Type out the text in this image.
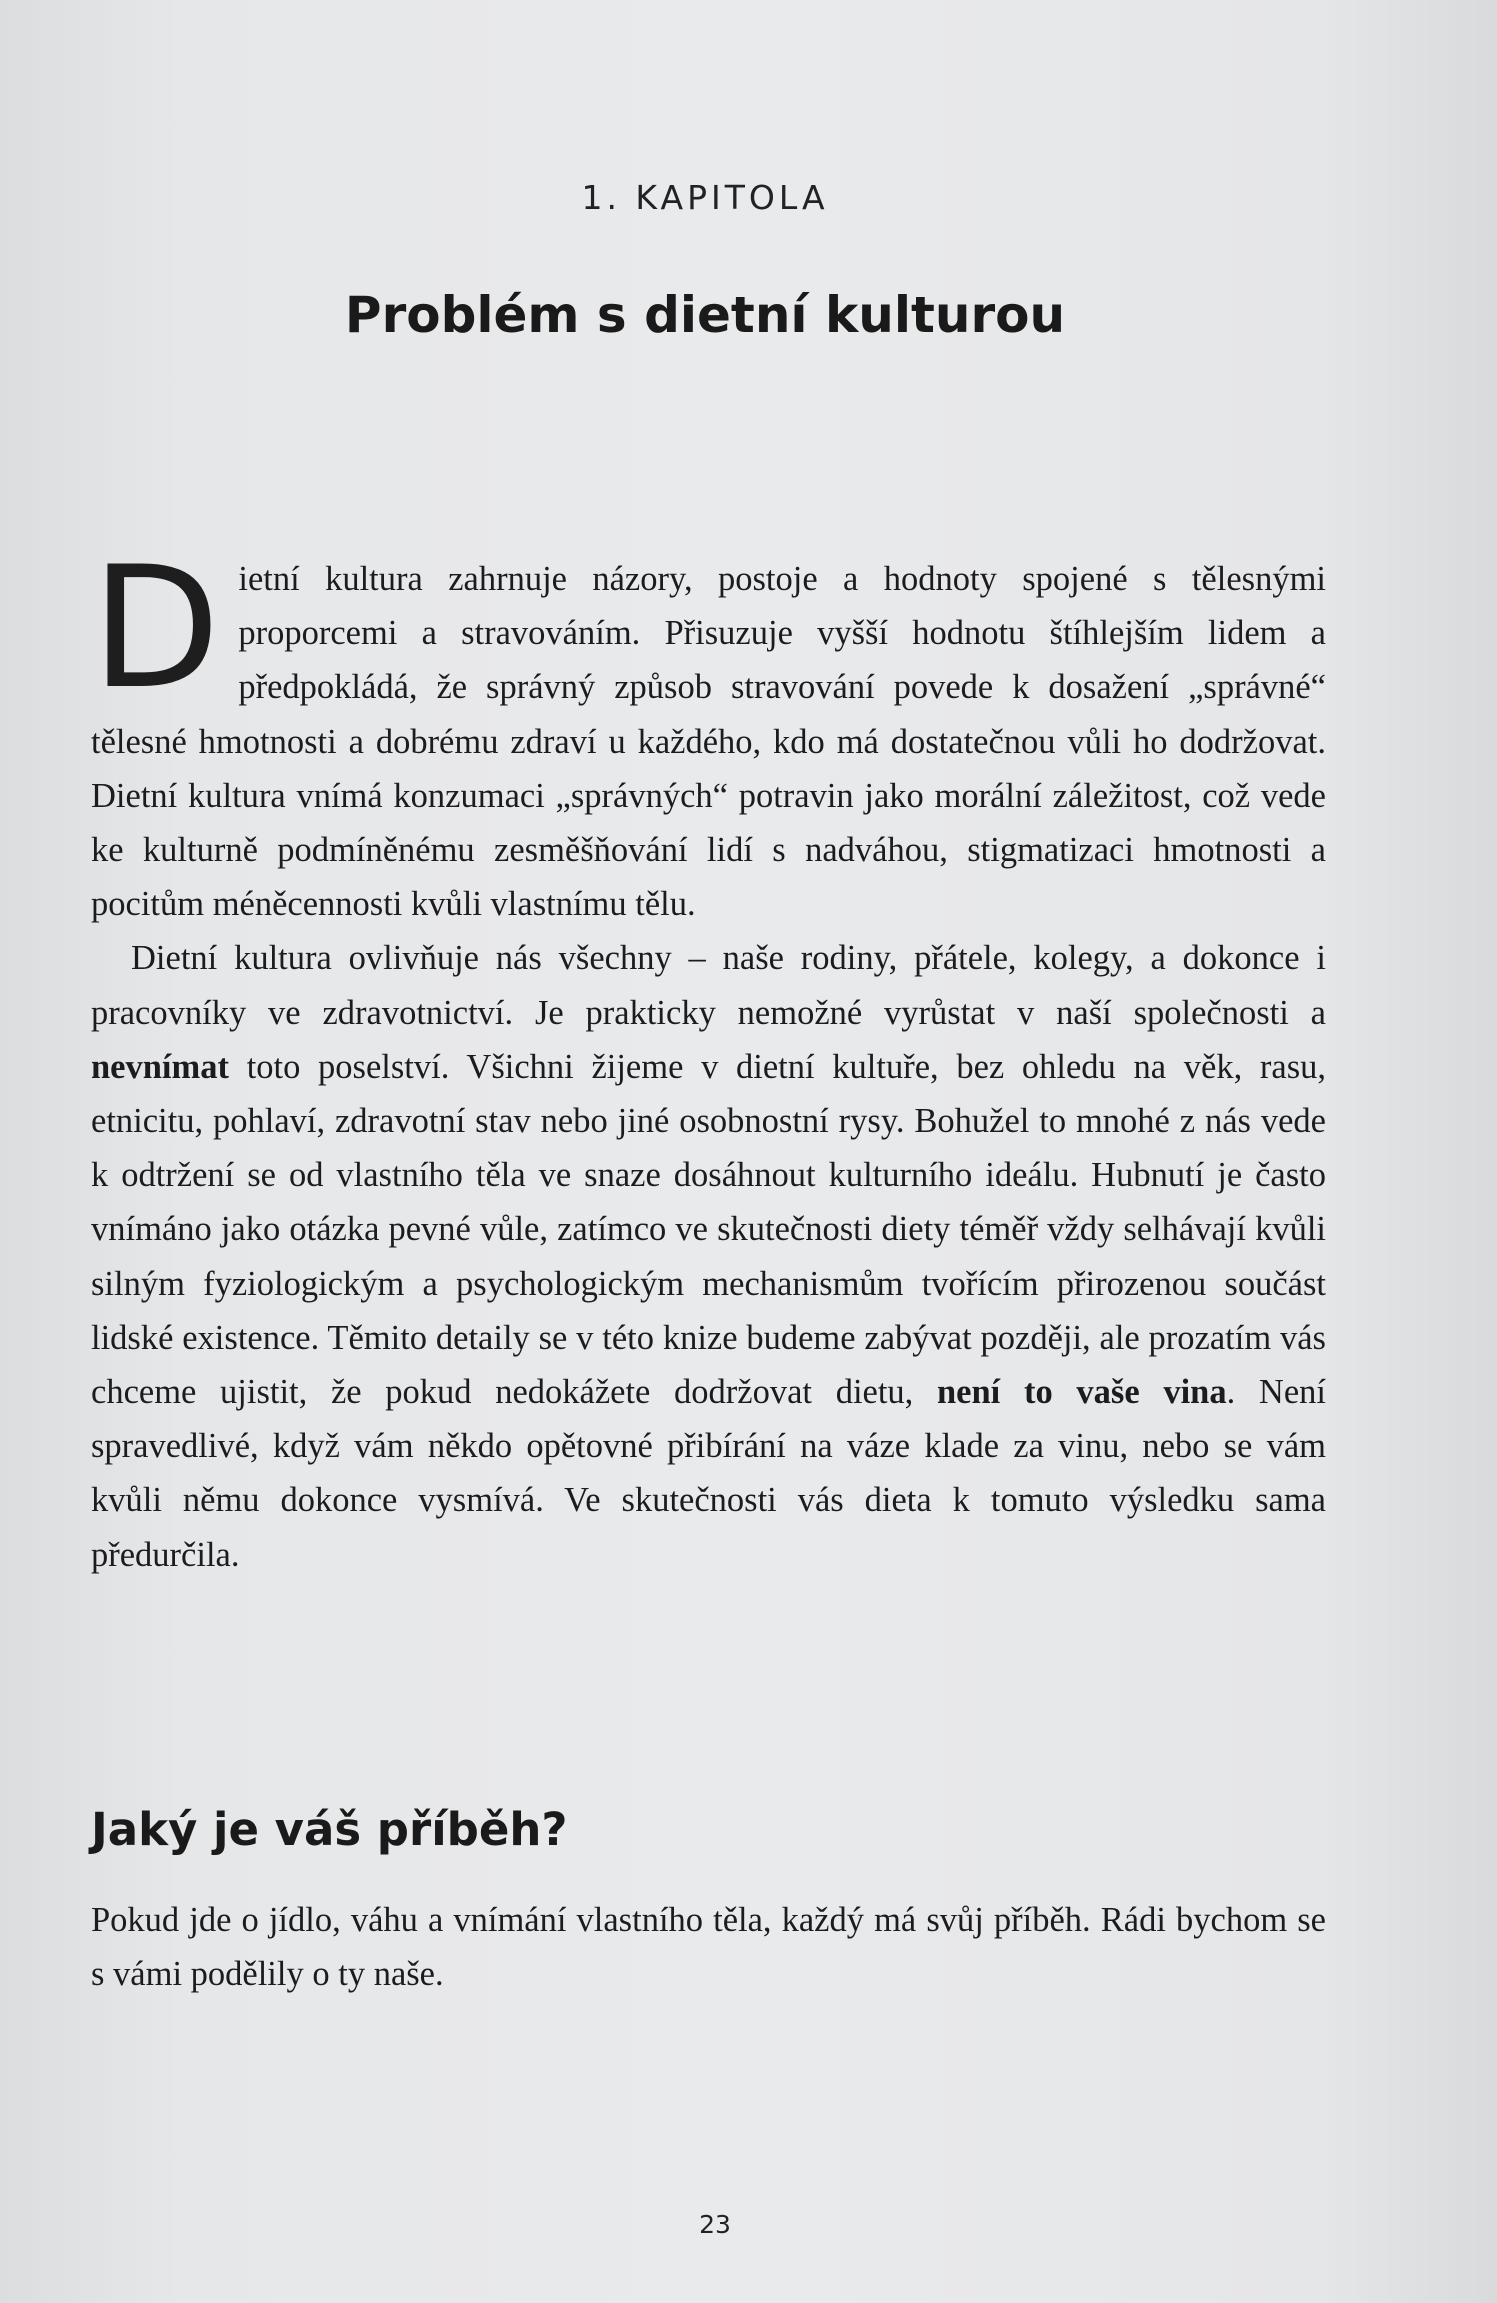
1. KAPITOLA
Problém s dietní kulturou

Dietní kultura zahrnuje názory, postoje a hodnoty spojené s tělesnými proporcemi a stravováním. Přisuzuje vyšší hodnotu štíhlejším lidem a předpokládá, že správný způsob stravování povede k dosažení „správné“ tělesné hmotnosti a dobrému zdraví u každého, kdo má dostatečnou vůli ho dodržovat. Dietní kultura vnímá konzumaci „správných“ potravin jako morální záležitost, což vede ke kulturně podmíněnému zesměšňování lidí s nadváhou, stigmatizaci hmotnosti a pocitům méněcennosti kvůli vlastnímu tělu.

Dietní kultura ovlivňuje nás všechny – naše rodiny, přátele, kolegy, a dokonce i pracovníky ve zdravotnictví. Je prakticky nemožné vyrůstat v naší společnosti a nevnímat toto poselství. Všichni žijeme v dietní kultuře, bez ohledu na věk, rasu, etnicitu, pohlaví, zdravotní stav nebo jiné osobnostní rysy. Bohužel to mnohé z nás vede k odtržení se od vlastního těla ve snaze dosáhnout kulturního ideálu. Hubnutí je často vnímáno jako otázka pevné vůle, zatímco ve skutečnosti diety téměř vždy selhávají kvůli silným fyziologickým a psychologickým mechanismům tvořícím přirozenou součást lidské existence. Těmito detaily se v této knize budeme zabývat později, ale prozatím vás chceme ujistit, že pokud nedokážete dodržovat dietu, není to vaše vina. Není spravedlivé, když vám někdo opětovné přibírání na váze klade za vinu, nebo se vám kvůli němu dokonce vysmívá. Ve skutečnosti vás dieta k tomuto výsledku sama předurčila.

Jaký je váš příběh?

Pokud jde o jídlo, váhu a vnímání vlastního těla, každý má svůj příběh. Rádi bychom se s vámi podělily o ty naše.

23
